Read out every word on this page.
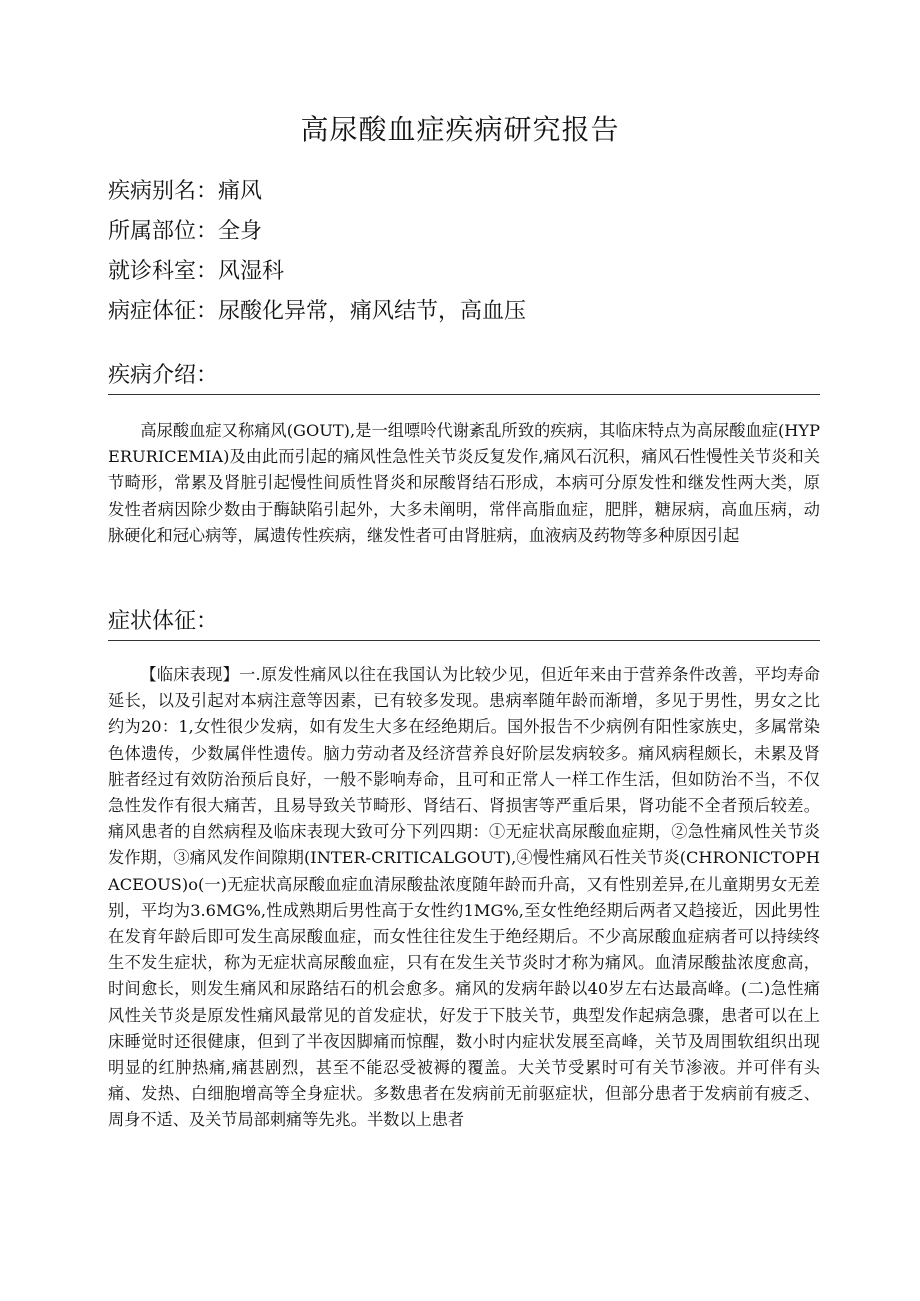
高尿酸血症疾病研究报告
疾病别名：痛风
所属部位：全身
就诊科室：风湿科
病症体征：尿酸化异常，痛风结节，高血压
疾病介绍：

高尿酸血症又称痛风(GOUT),是一组嘌呤代谢紊乱所致的疾病，其临床特点为高尿酸血症(HYPERURICEMIA)及由此而引起的痛风性急性关节炎反复发作,痛风石沉积，痛风石性慢性关节炎和关节畸形，常累及肾脏引起慢性间质性肾炎和尿酸肾结石形成，本病可分原发性和继发性两大类，原发性者病因除少数由于酶缺陷引起外，大多未阐明，常伴高脂血症，肥胖，糖尿病，高血压病，动脉硬化和冠心病等，属遗传性疾病，继发性者可由肾脏病，血液病及药物等多种原因引起

症状体征：

【临床表现】一.原发性痛风以往在我国认为比较少见，但近年来由于营养条件改善，平均寿命延长，以及引起对本病注意等因素，已有较多发现。患病率随年龄而渐增，多见于男性，男女之比约为20：1,女性很少发病，如有发生大多在经绝期后。国外报告不少病例有阳性家族史，多属常染色体遗传，少数属伴性遗传。脑力劳动者及经济营养良好阶层发病较多。痛风病程颇长，未累及肾脏者经过有效防治预后良好，一般不影响寿命，且可和正常人一样工作生活，但如防治不当，不仅急性发作有很大痛苦，且易导致关节畸形、肾结石、肾损害等严重后果，肾功能不全者预后较差。痛风患者的自然病程及临床表现大致可分下列四期：①无症状高尿酸血症期，②急性痛风性关节炎发作期，③痛风发作间隙期(INTER-CRITICALGOUT),④慢性痛风石性关节炎(CHRONICTOPHACEOUS)o(一)无症状高尿酸血症血清尿酸盐浓度随年龄而升高，又有性别差异,在儿童期男女无差别，平均为3.6MG%,性成熟期后男性高于女性约1MG%,至女性绝经期后两者又趋接近，因此男性在发育年龄后即可发生高尿酸血症，而女性往往发生于绝经期后。不少高尿酸血症病者可以持续终生不发生症状，称为无症状高尿酸血症，只有在发生关节炎时才称为痛风。血清尿酸盐浓度愈高，时间愈长，则发生痛风和尿路结石的机会愈多。痛风的发病年龄以40岁左右达最高峰。(二)急性痛风性关节炎是原发性痛风最常见的首发症状，好发于下肢关节，典型发作起病急骤，患者可以在上床睡觉时还很健康，但到了半夜因脚痛而惊醒，数小时内症状发展至高峰，关节及周围软组织出现明显的红肿热痛,痛甚剧烈，甚至不能忍受被褥的覆盖。大关节受累时可有关节渗液。并可伴有头痛、发热、白细胞增高等全身症状。多数患者在发病前无前驱症状，但部分患者于发病前有疲乏、周身不适、及关节局部刺痛等先兆。半数以上患者
